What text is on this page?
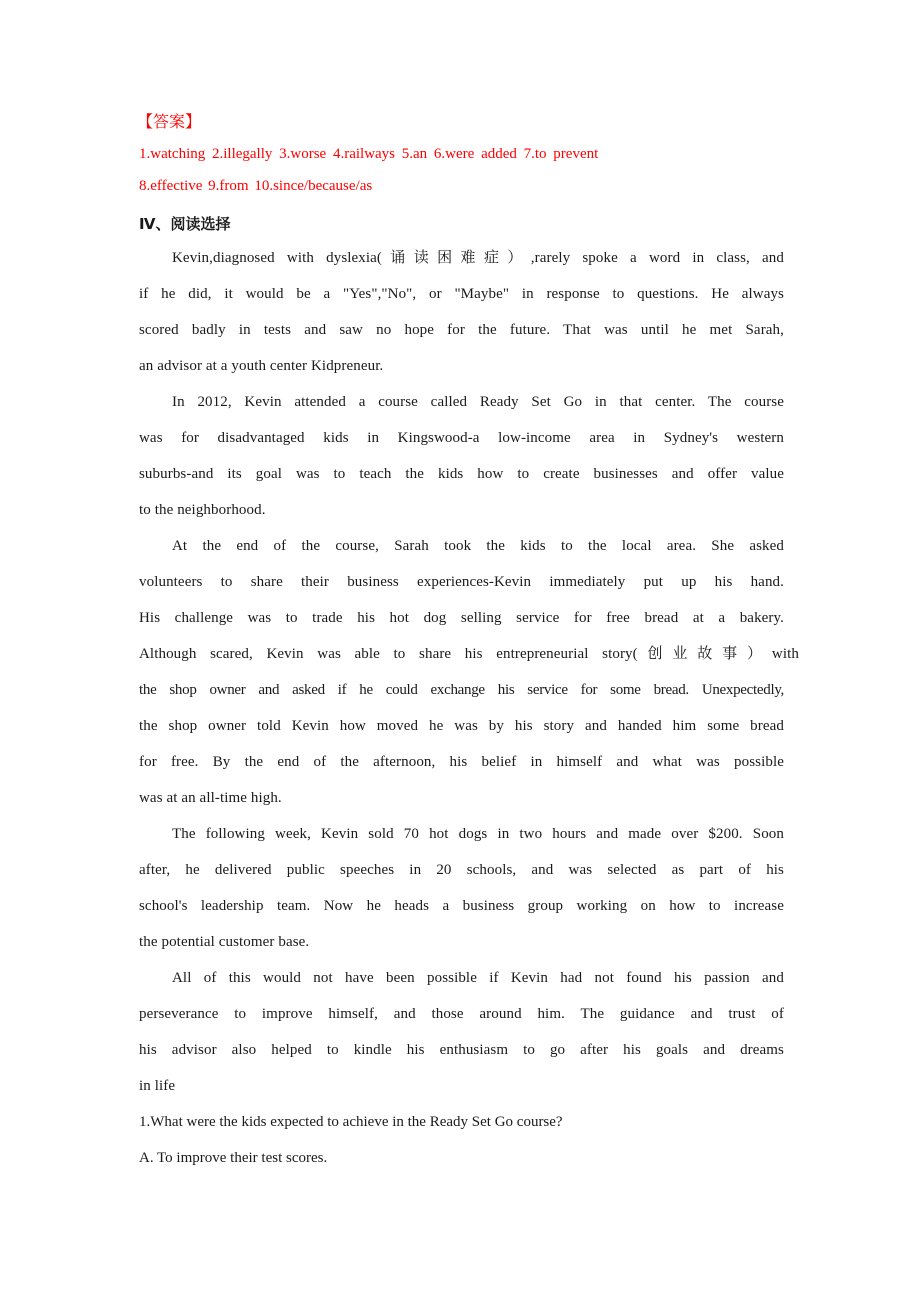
【答案】
1.watching 2.illegally 3.worse 4.railways 5.an 6.were added 7.to prevent
8.effective 9.from 10.since/because/as
Ⅳ、阅读选择
Kevin,diagnosed with dyslexia(诵读困难症）,rarely spoke a word in class, and
if he did, it would be a "Yes","No", or "Maybe" in response to questions. He always
scored badly in tests and saw no hope for the future. That was until he met Sarah,
an advisor at a youth center Kidpreneur.
In 2012, Kevin attended a course called Ready Set Go in that center. The course
was for disadvantaged kids in Kingswood-a low-income area in Sydney's western
suburbs-and its goal was to teach the kids how to create businesses and offer value
to the neighborhood.
At the end of the course, Sarah took the kids to the local area. She asked
volunteers to share their business experiences-Kevin immediately put up his hand.
His challenge was to trade his hot dog selling service for free bread at a bakery.
Although scared, Kevin was able to share his entrepreneurial story(创业故事）with
the shop owner and asked if he could exchange his service for some bread. Unexpectedly,
the shop owner told Kevin how moved he was by his story and handed him some bread
for free. By the end of the afternoon, his belief in himself and what was possible
was at an all-time high.
The following week, Kevin sold 70 hot dogs in two hours and made over $200. Soon
after, he delivered public speeches in 20 schools, and was selected as part of his
school's leadership team. Now he heads a business group working on how to increase
the potential customer base.
All of this would not have been possible if Kevin had not found his passion and
perseverance to improve himself, and those around him. The guidance and trust of
his advisor also helped to kindle his enthusiasm to go after his goals and dreams
in life
1.What were the kids expected to achieve in the Ready Set Go course?
A. To improve their test scores.
